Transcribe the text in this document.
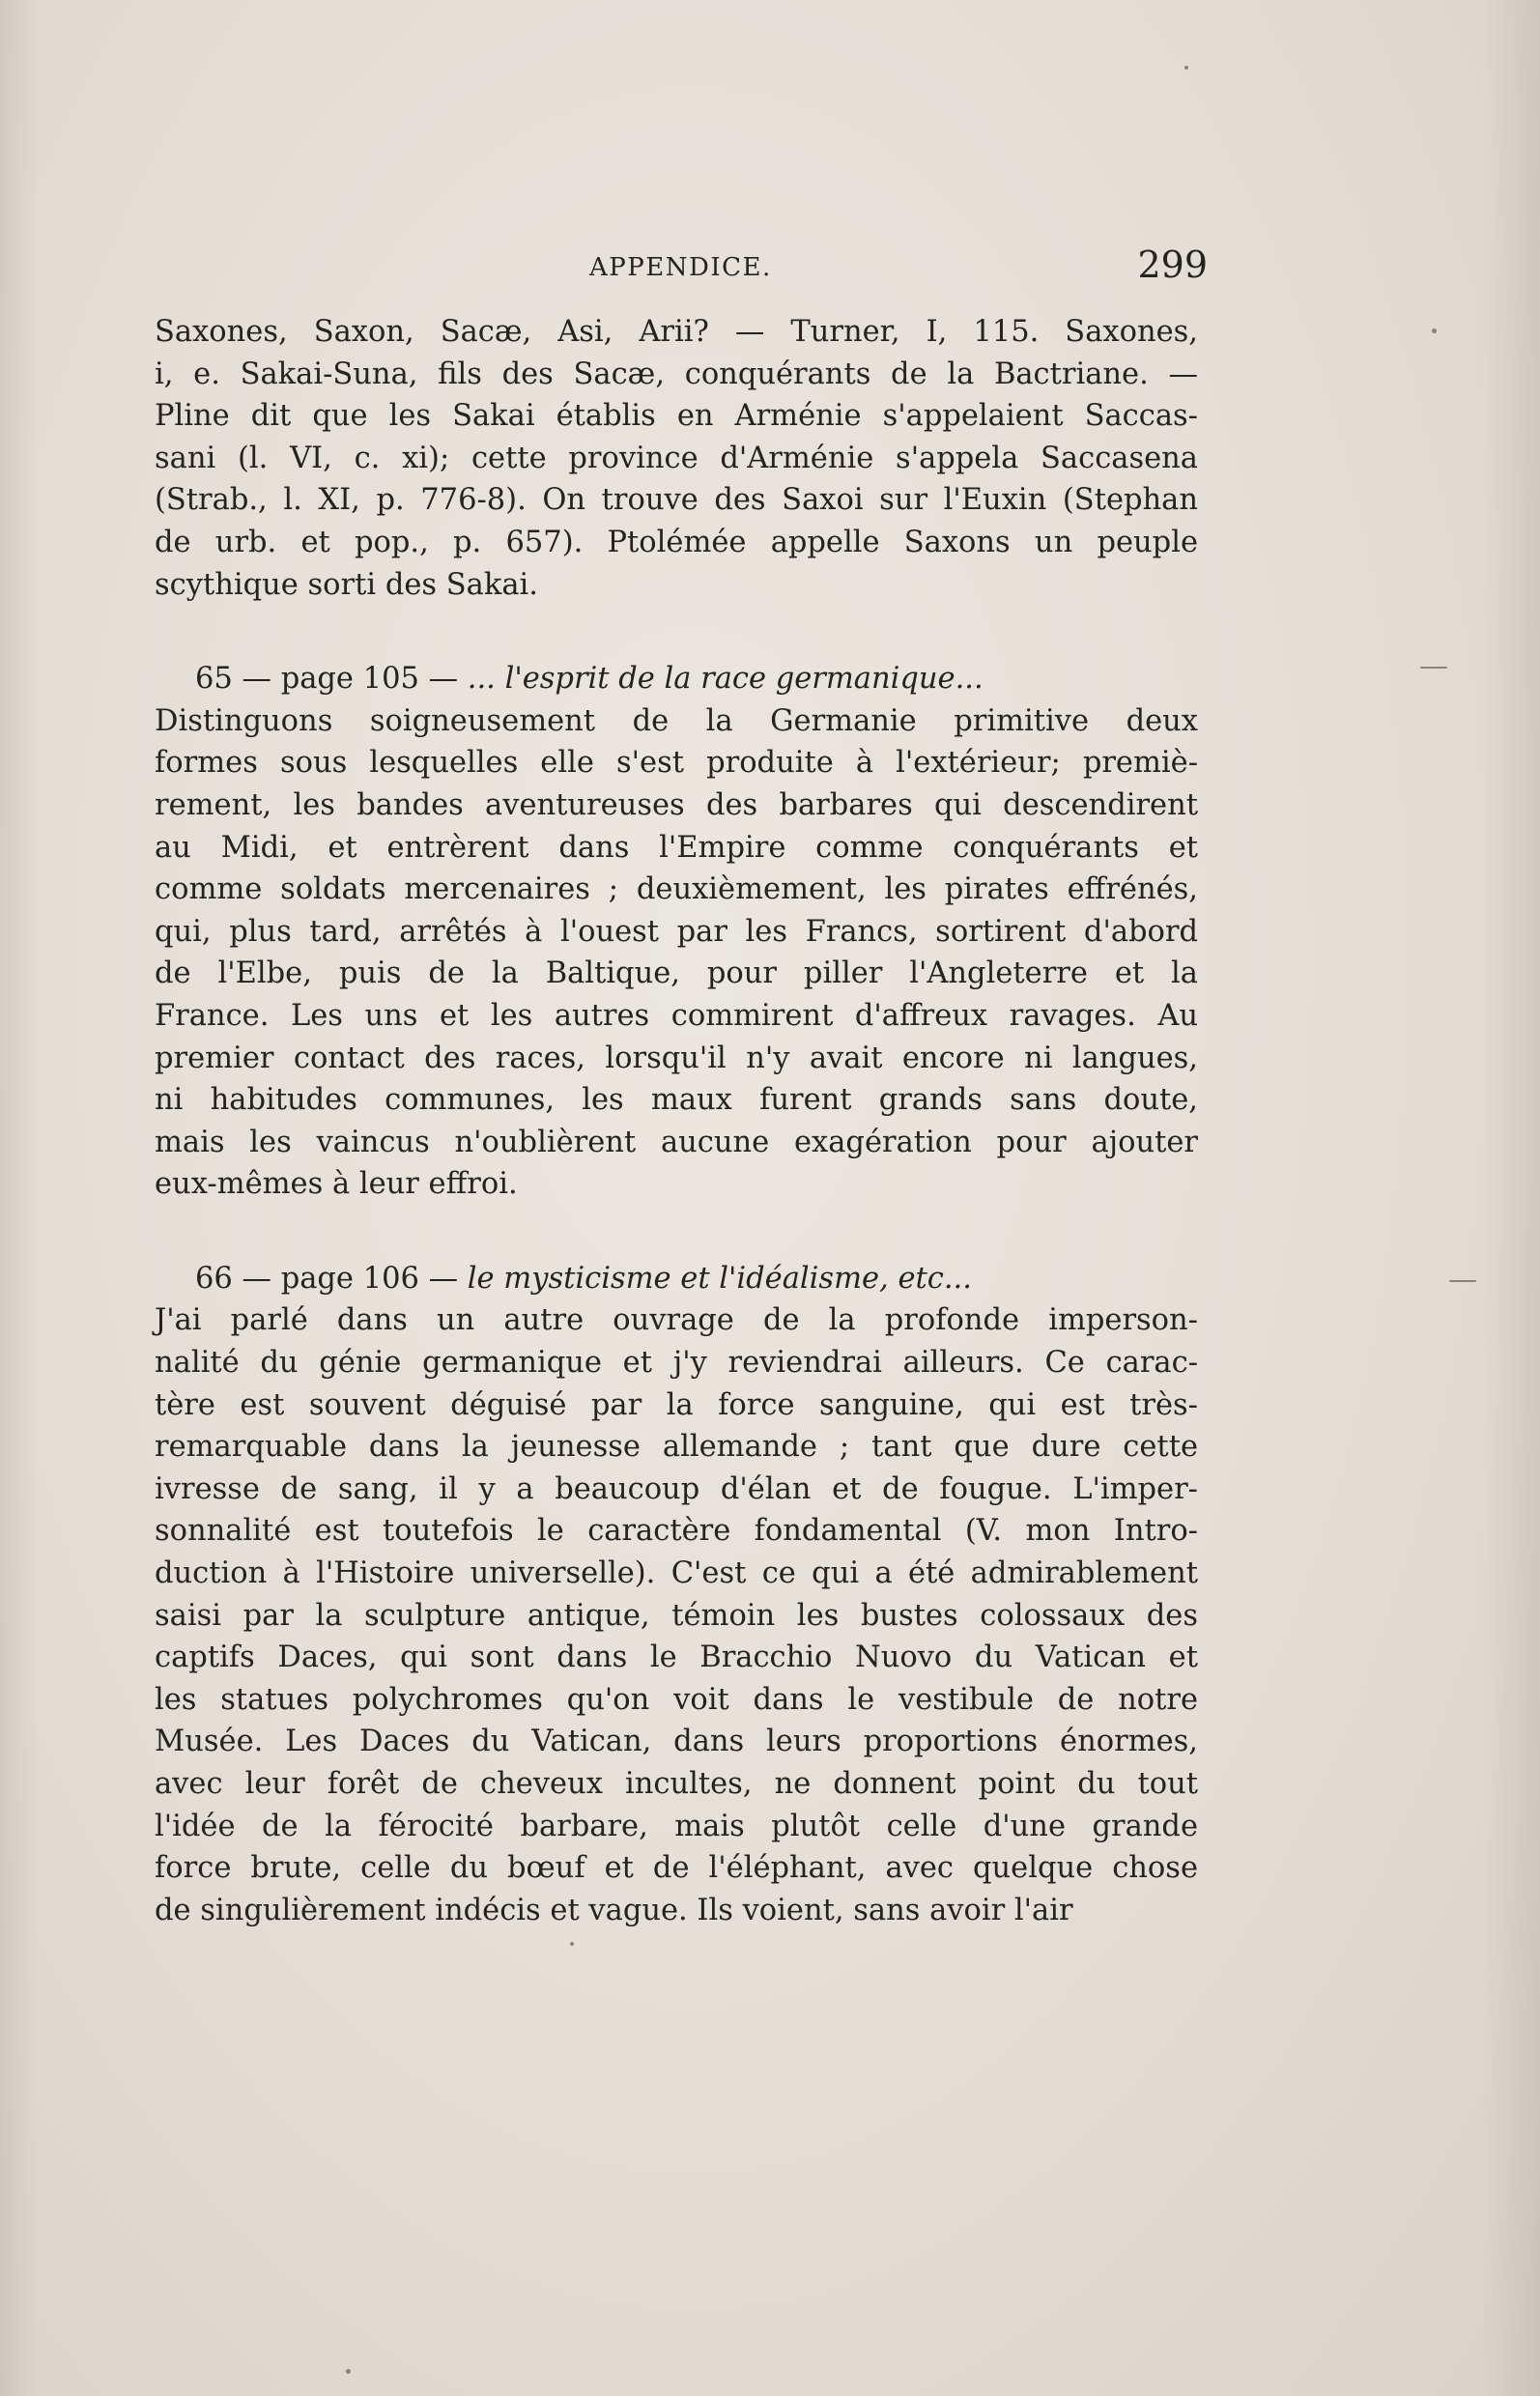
APPENDICE.	299
Saxones, Saxon, Sacæ, Asi, Arii? — Turner, I, 115. Saxones,
i, e. Sakai-Suna, fils des Sacæ, conquérants de la Bactriane. —
Pline dit que les Sakai établis en Arménie s'appelaient Saccas-
sani (l. VI, c. xi); cette province d'Arménie s'appela Saccasena
(Strab., l. XI, p. 776-8). On trouve des Saxoi sur l'Euxin (Stephan
de urb. et pop., p. 657). Ptolémée appelle Saxons un peuple
scythique sorti des Sakai.
65 — page 105 — ... l'esprit de la race germanique...
Distinguons soigneusement de la Germanie primitive deux
formes sous lesquelles elle s'est produite à l'extérieur; premiè-
rement, les bandes aventureuses des barbares qui descendirent
au Midi, et entrèrent dans l'Empire comme conquérants et
comme soldats mercenaires ; deuxièmement, les pirates effrénés,
qui, plus tard, arrêtés à l'ouest par les Francs, sortirent d'abord
de l'Elbe, puis de la Baltique, pour piller l'Angleterre et la
France. Les uns et les autres commirent d'affreux ravages. Au
premier contact des races, lorsqu'il n'y avait encore ni langues,
ni habitudes communes, les maux furent grands sans doute,
mais les vaincus n'oublièrent aucune exagération pour ajouter
eux-mêmes à leur effroi.
66 — page 106 — le mysticisme et l'idéalisme, etc...
J'ai parlé dans un autre ouvrage de la profonde imperson-
nalité du génie germanique et j'y reviendrai ailleurs. Ce carac-
tère est souvent déguisé par la force sanguine, qui est très-
remarquable dans la jeunesse allemande ; tant que dure cette
ivresse de sang, il y a beaucoup d'élan et de fougue. L'imper-
sonnalité est toutefois le caractère fondamental (V. mon Intro-
duction à l'Histoire universelle). C'est ce qui a été admirablement
saisi par la sculpture antique, témoin les bustes colossaux des
captifs Daces, qui sont dans le Bracchio Nuovo du Vatican et
les statues polychromes qu'on voit dans le vestibule de notre
Musée. Les Daces du Vatican, dans leurs proportions énormes,
avec leur forêt de cheveux incultes, ne donnent point du tout
l'idée de la férocité barbare, mais plutôt celle d'une grande
force brute, celle du bœuf et de l'éléphant, avec quelque chose
de singulièrement indécis et vague. Ils voient, sans avoir l'air
